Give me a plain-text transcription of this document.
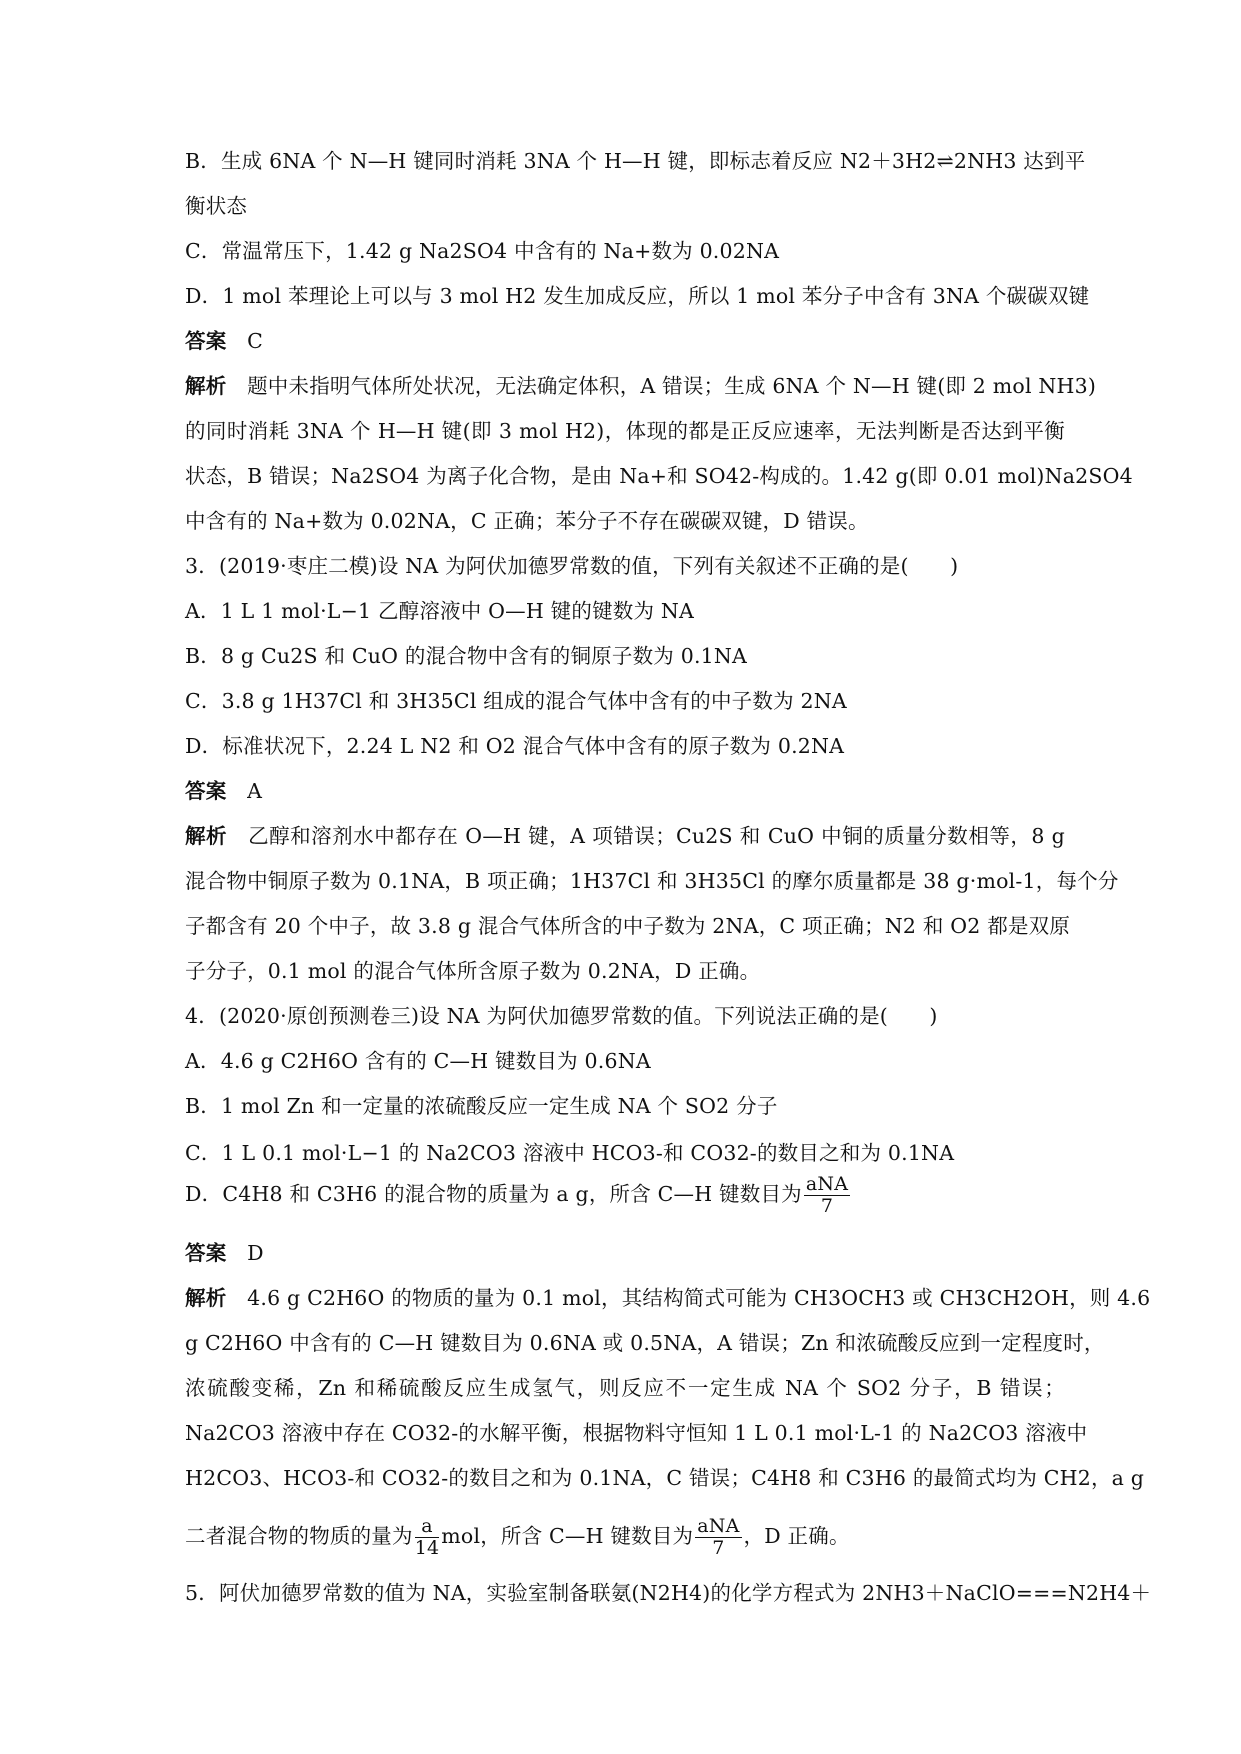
B．生成 6NA 个 N—H 键同时消耗 3NA 个 H—H 键，即标志着反应 N2＋3H2⇌2NH3 达到平
衡状态
C．常温常压下，1.42 g Na2SO4 中含有的 Na+数为 0.02NA
D．1 mol 苯理论上可以与 3 mol H2 发生加成反应，所以 1 mol 苯分子中含有 3NA 个碳碳双键
答案　C
解析　题中未指明气体所处状况，无法确定体积，A 错误；生成 6NA 个 N—H 键(即 2 mol NH3)
的同时消耗 3NA 个 H—H 键(即 3 mol H2)，体现的都是正反应速率，无法判断是否达到平衡
状态，B 错误；Na2SO4 为离子化合物，是由 Na+和 SO42-构成的。1.42 g(即 0.01 mol)Na2SO4
中含有的 Na+数为 0.02NA，C 正确；苯分子不存在碳碳双键，D 错误。
3．(2019·枣庄二模)设 NA 为阿伏加德罗常数的值，下列有关叙述不正确的是(　　)
A．1 L 1 mol·L−1 乙醇溶液中 O—H 键的键数为 NA
B．8 g Cu2S 和 CuO 的混合物中含有的铜原子数为 0.1NA
C．3.8 g 1H37Cl 和 3H35Cl 组成的混合气体中含有的中子数为 2NA
D．标准状况下，2.24 L N2 和 O2 混合气体中含有的原子数为 0.2NA
答案　A
解析　乙醇和溶剂水中都存在 O—H 键，A 项错误；Cu2S 和 CuO 中铜的质量分数相等，8 g
混合物中铜原子数为 0.1NA，B 项正确；1H37Cl 和 3H35Cl 的摩尔质量都是 38 g·mol-1，每个分
子都含有 20 个中子，故 3.8 g 混合气体所含的中子数为 2NA，C 项正确；N2 和 O2 都是双原
子分子，0.1 mol 的混合气体所含原子数为 0.2NA，D 正确。
4．(2020·原创预测卷三)设 NA 为阿伏加德罗常数的值。下列说法正确的是(　　)
A．4.6 g C2H6O 含有的 C—H 键数目为 0.6NA
B．1 mol Zn 和一定量的浓硫酸反应一定生成 NA 个 SO2 分子
C．1 L 0.1 mol·L−1 的 Na2CO3 溶液中 HCO3-和 CO32-的数目之和为 0.1NA
答案　D
解析　4.6 g C2H6O 的物质的量为 0.1 mol，其结构简式可能为 CH3OCH3 或 CH3CH2OH，则 4.6
g C2H6O 中含有的 C—H 键数目为 0.6NA 或 0.5NA，A 错误；Zn 和浓硫酸反应到一定程度时，
浓硫酸变稀，Zn 和稀硫酸反应生成氢气，则反应不一定生成 NA 个 SO2 分子，B 错误；
Na2CO3 溶液中存在 CO32-的水解平衡，根据物料守恒知 1 L 0.1 mol·L-1 的 Na2CO3 溶液中
H2CO3、HCO3-和 CO32-的数目之和为 0.1NA，C 错误；C4H8 和 C3H6 的最简式均为 CH2，a g
5．阿伏加德罗常数的值为 NA，实验室制备联氨(N2H4)的化学方程式为 2NH3＋NaClO===N2H4＋
D．C4H8 和 C3H6 的混合物的质量为 a g，所含 C—H 键数目为 $\frac{\text{aNA}}{7}$
二者混合物的物质的量为 $\frac{a}{14}$ mol，所含 C—H 键数目为 $\frac{\text{aNA}}{7}$ ，D 正确。
